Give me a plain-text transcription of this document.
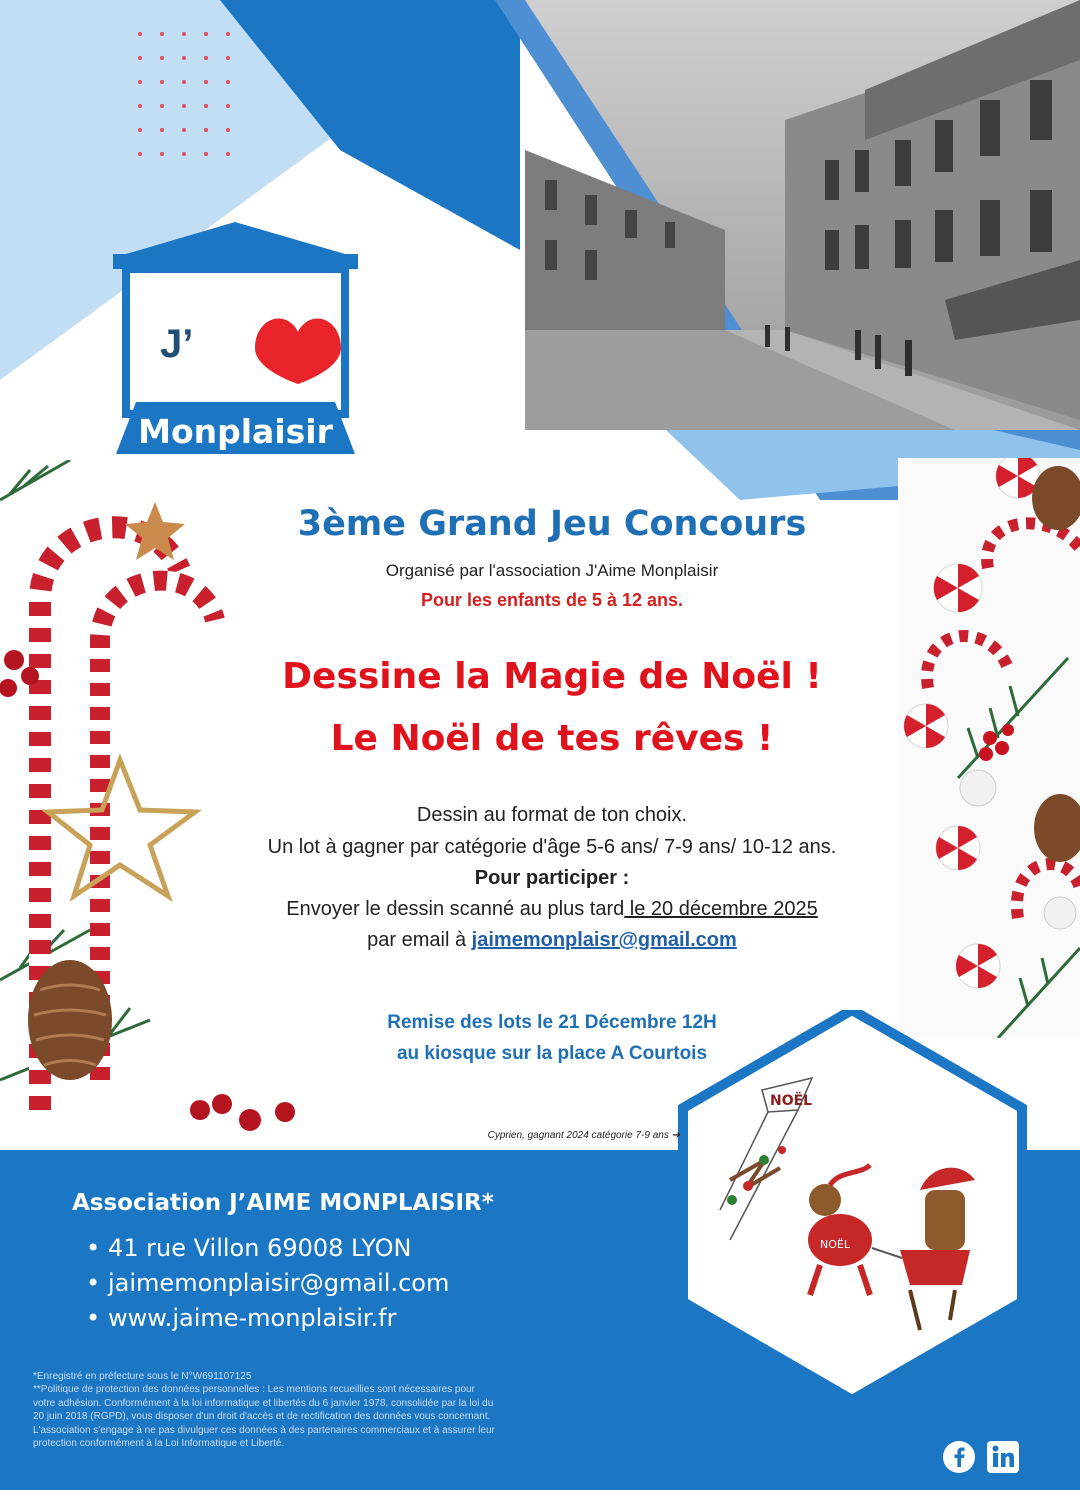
J’
Monplaisir
3ème Grand Jeu Concours
Organisé par l'association J'Aime Monplaisir
Pour les enfants de 5 à 12 ans.
Dessine la Magie de Noël !
Le Noël de tes rêves !
Dessin au format de ton choix.
Un lot à gagner par catégorie d'âge 5-6 ans/ 7-9 ans/ 10-12 ans.
Pour participer :
Envoyer le dessin scanné au plus tard le 20 décembre 2025
par email à jaimemonplaisr@gmail.com
Remise des lots le 21 Décembre 12H
au kiosque sur la place A Courtois
Association J’AIME MONPLAISIR*
• 41 rue Villon 69008 LYON
• jaimemonplaisir@gmail.com
• www.jaime-monplaisir.fr
*Enregistré en préfecture sous le N°W691107125
**Politique de protection des données personnelles : Les mentions recueillies sont nécessaires pour
votre adhésion. Conformément à la loi informatique et libertés du 6 janvier 1978, consolidée par la loi du
20 juin 2018 (RGPD), vous disposer d'un droit d'accès et de rectification des données vous concernant.
L'association s'engage à ne pas divulguer ces données à des partenaires commerciaux et à assurer leur
protection conformément à la Loi Informatique et Liberté.
NOËL
NOËL
Cyprien, gagnant 2024 catégorie 7-9 ans ➔
